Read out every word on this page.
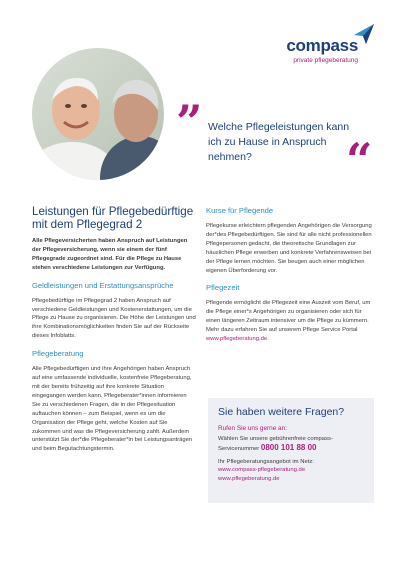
compass
private pflegeberatung
” Welche Pflegeleistungen kann ich zu Hause in Anspruch nehmen?	“
Leistungen für Pflegebedürftige mit dem Pflegegrad 2

Alle Pflegeversicherten haben Anspruch auf Leistungen der Pflegeversicherung, wenn sie einem der fünf Pflegegrade zugeordnet sind. Für die Pflege zu Hause stehen verschiedene Leistungen zur Verfügung.

Geldleistungen und Erstattungsansprüche

Pflegebedürftige im Pflegegrad 2 haben Anspruch auf verschiedene Geldleistungen und Kostenerstattungen, um die Pflege zu Hause zu organisieren. Die Höhe der Leistungen und ihre Kombinationsmöglichkeiten finden Sie auf der Rückseite dieses Infoblatts.

Pflegeberatung

Alle Pflegebedürftigen und ihre Angehörigen haben Anspruch auf eine umfassende individuelle, kostenfreie Pflegeberatung, mit der bereits frühzeitig auf ihre konkrete Situation eingegangen werden kann. Pflegeberater*innen informieren Sie zu verschiedenen Fragen, die in der Pflegesituation auftauchen können – zum Beispiel, wenn es um die Organisation der Pflege geht, welche Kosten auf Sie zukommen und was die Pflegeversicherung zahlt. Außerdem unterstützt Sie der*die Pflegeberater*in bei Leistungsanträgen und beim Begutachtungstermin.

Kurse für Pflegende

Pflegekurse erleichtern pflegenden Angehörigen die Versorgung der*des Pflegebedürftigen. Sie sind für alle nicht professionellen Pflegepersonen gedacht, die theoretische Grundlagen zur häuslichen Pflege erwerben und konkrete Verfahrensweisen bei der Pflege lernen möchten. Sie beugen auch einer möglichen eigenen Überforderung vor.

Pflegezeit

Pflegende ermöglicht die Pflegezeit eine Auszeit vom Beruf, um die Pflege einer*s Angehörigen zu organisieren oder sich für einen längeren Zeitraum intensiver um die Pflege zu kümmern. Mehr dazu erfahren Sie auf unserem Pflege Service Portal www.pflegeberatung.de.

Sie haben weitere Fragen?
Rufen Sie uns gerne an:
Wählen Sie unsere gebührenfreie compass-Servicenummer 0800 101 88 00
Ihr Pflegeberatungsangebot im Netz:
www.compass-pflegeberatung.de
www.pflegeberatung.de
